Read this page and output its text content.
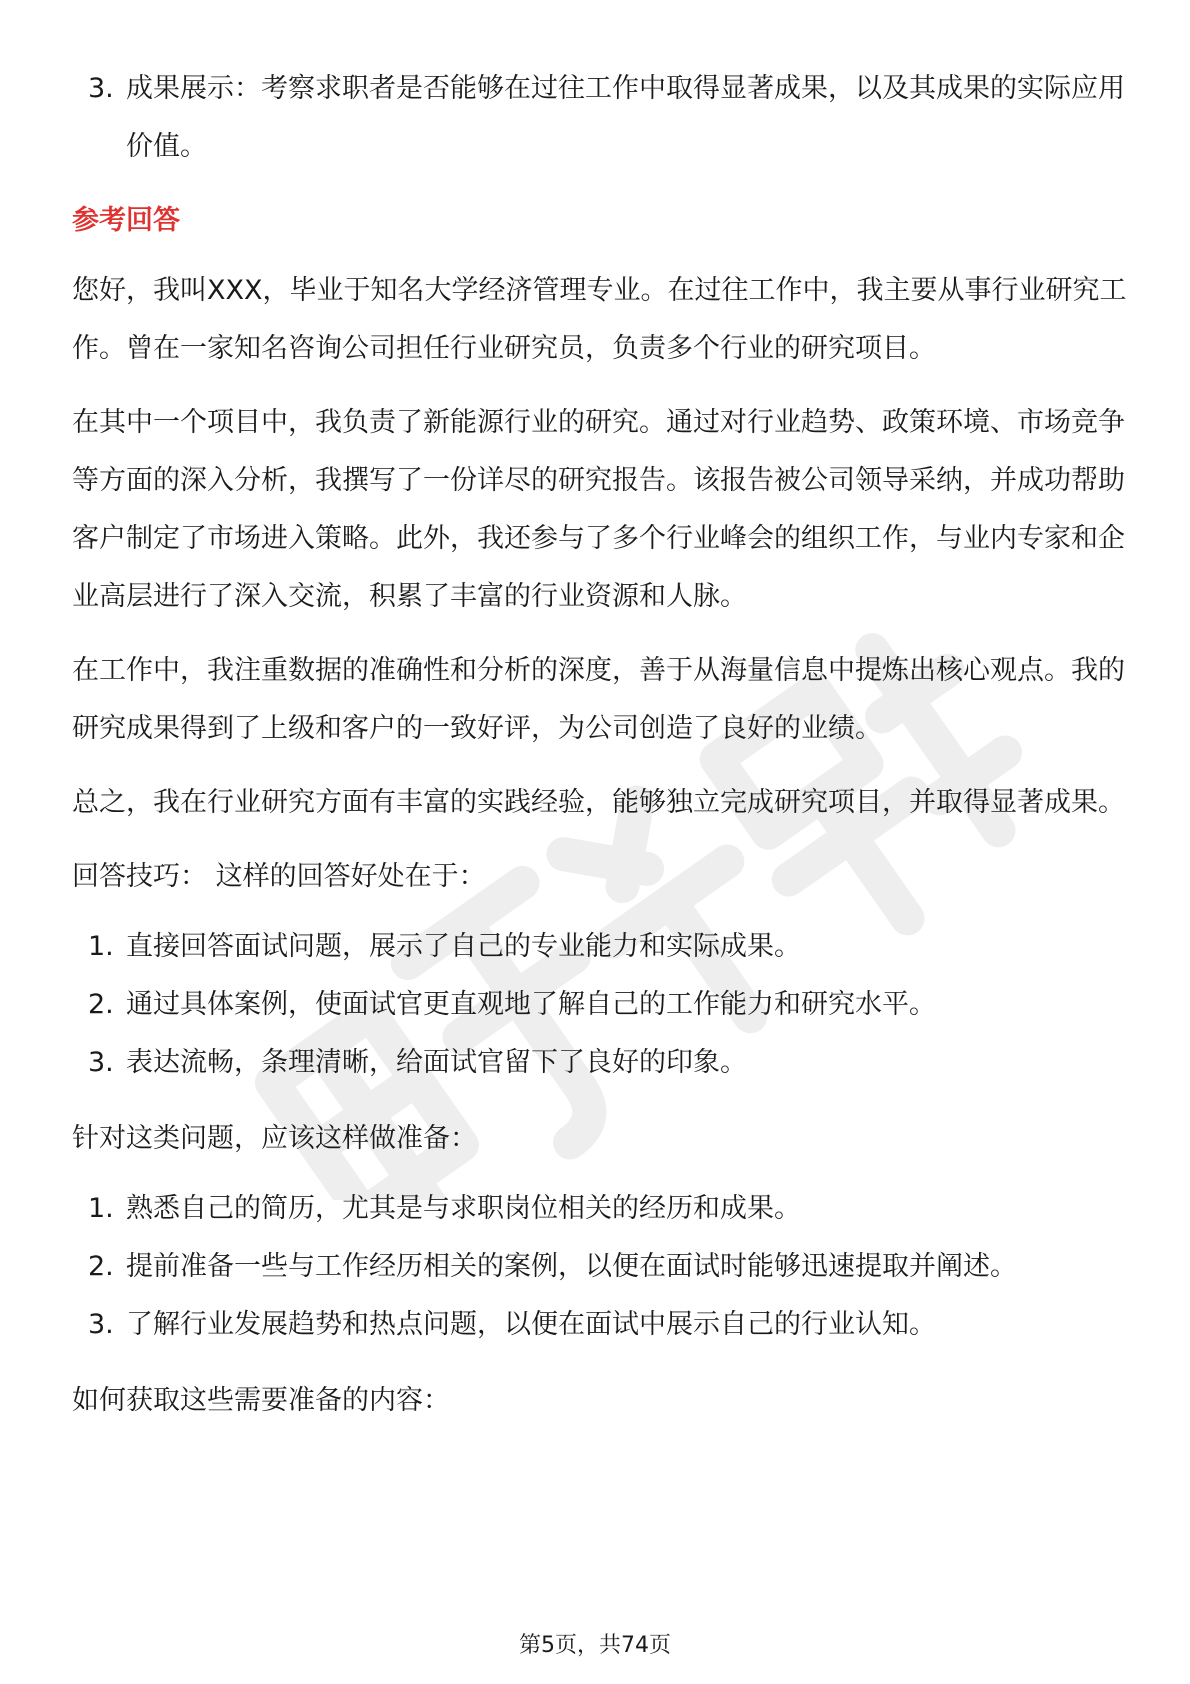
3. 成果展示：考察求职者是否能够在过往工作中取得显著成果，以及其成果的实际应用价值。

参考回答

您好，我叫XXX，毕业于知名大学经济管理专业。在过往工作中，我主要从事行业研究工作。曾在一家知名咨询公司担任行业研究员，负责多个行业的研究项目。

在其中一个项目中，我负责了新能源行业的研究。通过对行业趋势、政策环境、市场竞争等方面的深入分析，我撰写了一份详尽的研究报告。该报告被公司领导采纳，并成功帮助客户制定了市场进入策略。此外，我还参与了多个行业峰会的组织工作，与业内专家和企业高层进行了深入交流，积累了丰富的行业资源和人脉。

在工作中，我注重数据的准确性和分析的深度，善于从海量信息中提炼出核心观点。我的研究成果得到了上级和客户的一致好评，为公司创造了良好的业绩。

总之，我在行业研究方面有丰富的实践经验，能够独立完成研究项目，并取得显著成果。

回答技巧： 这样的回答好处在于：

1. 直接回答面试问题，展示了自己的专业能力和实际成果。
2. 通过具体案例，使面试官更直观地了解自己的工作能力和研究水平。
3. 表达流畅，条理清晰，给面试官留下了良好的印象。

针对这类问题，应该这样做准备：

1. 熟悉自己的简历，尤其是与求职岗位相关的经历和成果。
2. 提前准备一些与工作经历相关的案例，以便在面试时能够迅速提取并阐述。
3. 了解行业发展趋势和热点问题，以便在面试中展示自己的行业认知。

如何获取这些需要准备的内容：

第5页，共74页
